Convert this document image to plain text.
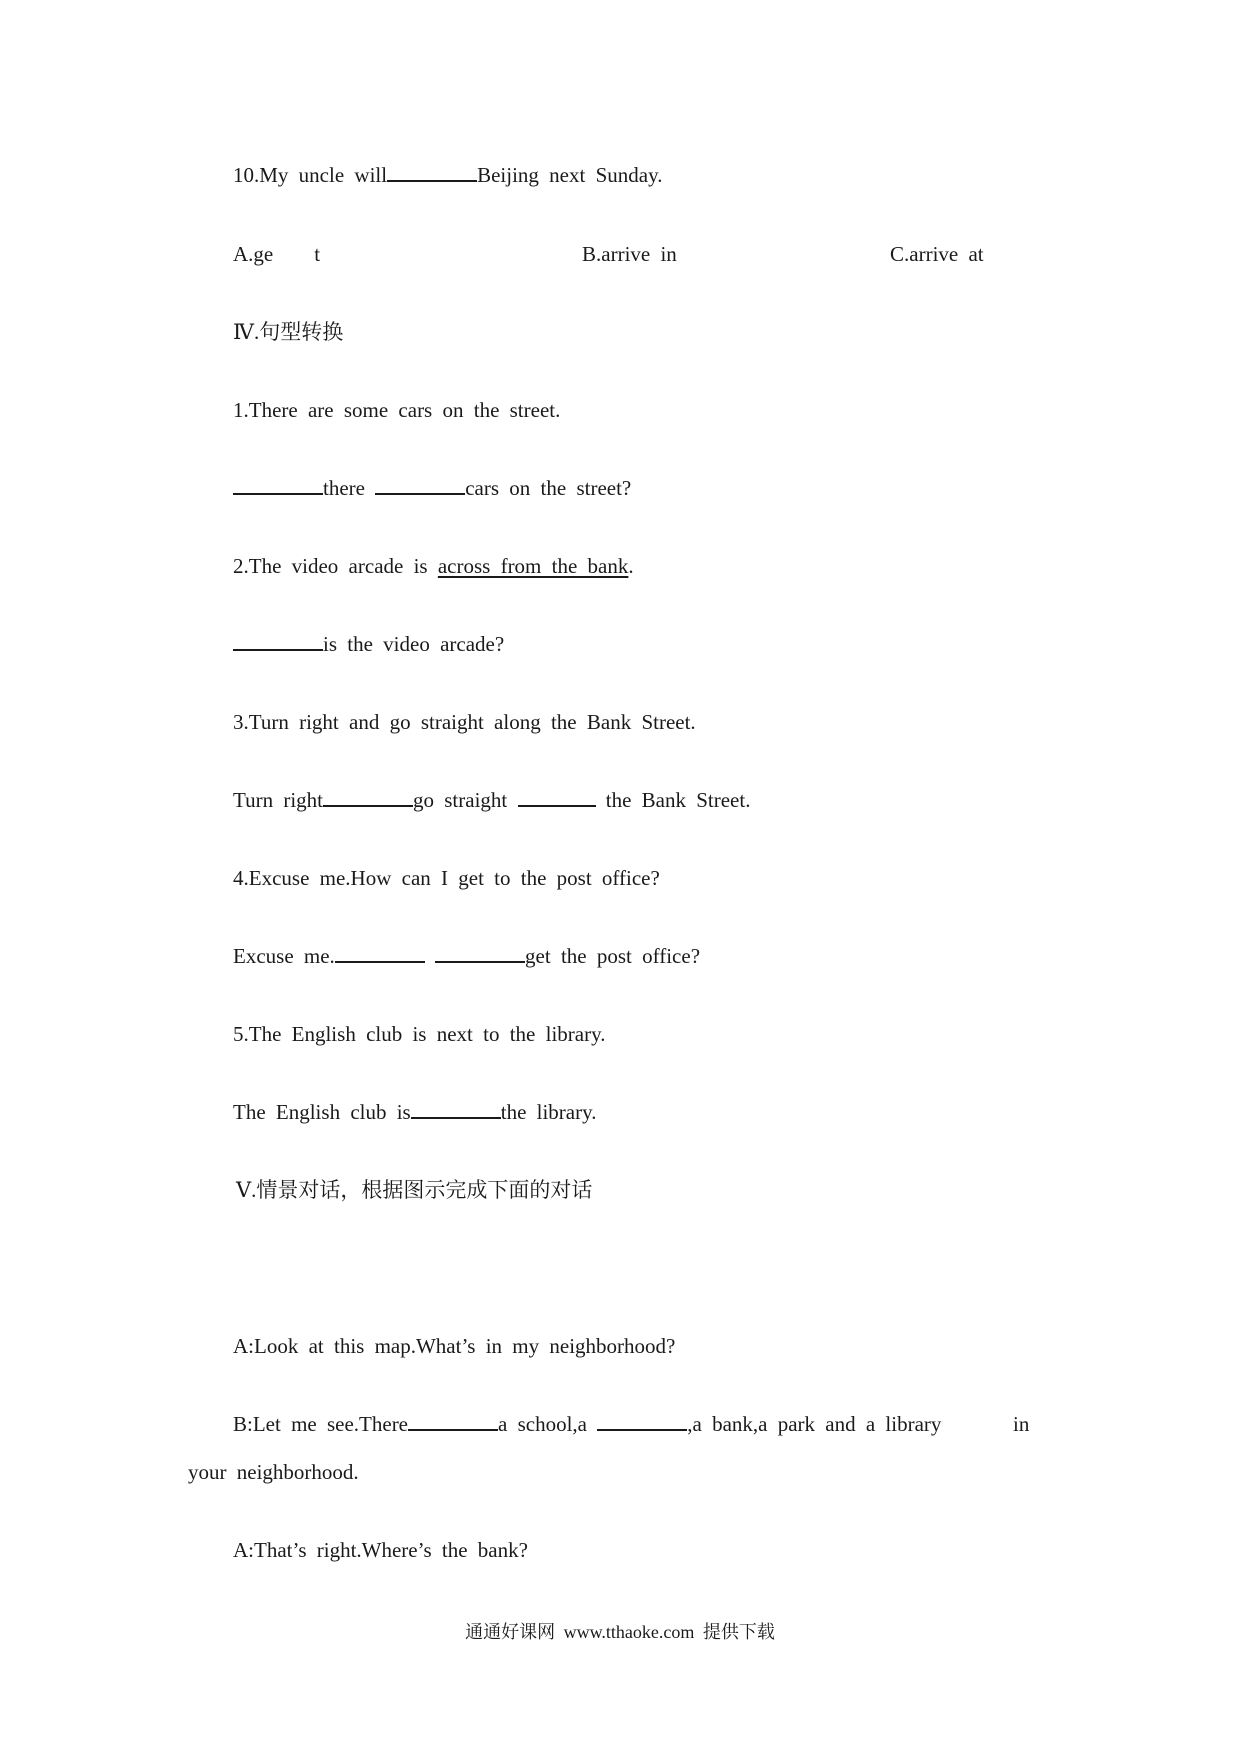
10.My uncle will	Beijing next Sunday.
A.ge    t	B.arrive in	C.arrive at
Ⅳ.句型转换
1.There are some cars on the street.
there	cars on the street?
2.The video arcade is across from the bank.
is the video arcade?
3.Turn right and go straight along the Bank Street.
Turn right	go straight	the Bank Street.
4.Excuse me.How can I get to the post office?
Excuse me.	get the post office?
5.The English club is next to the library.
The English club is	the library.
Ⅴ.情景对话，根据图示完成下面的对话
A:Look at this map.What’s in my neighborhood?
B:Let me see.There	a school,a	,a bank,a park and a library	in
your neighborhood.
A:That’s right.Where’s the bank?
通通好课网 www.tthaoke.com 提供下载
